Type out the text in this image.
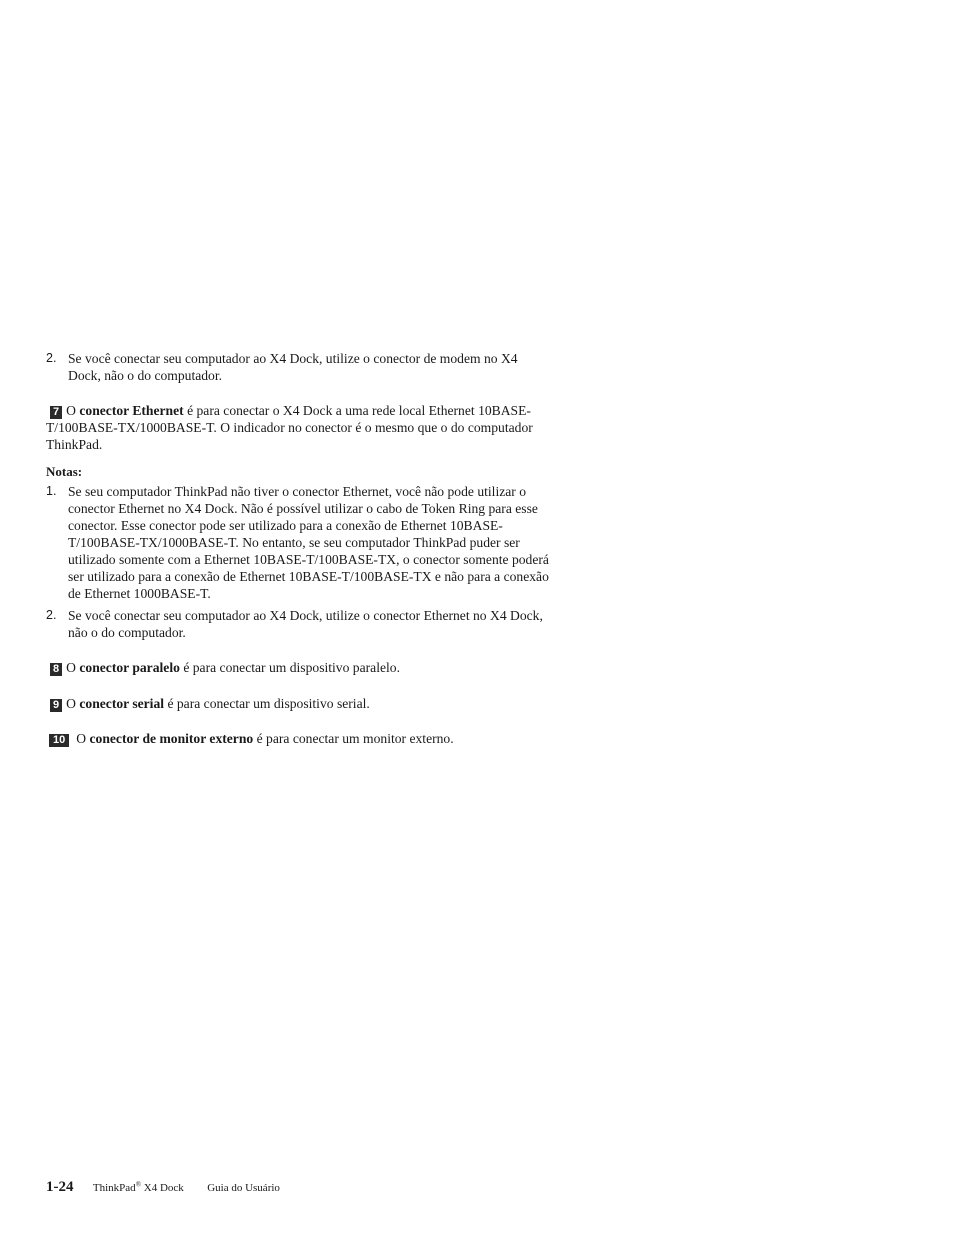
2. Se você conectar seu computador ao X4 Dock, utilize o conector de modem no X4 Dock, não o do computador.

7 O conector Ethernet é para conectar o X4 Dock a uma rede local Ethernet 10BASE-T/100BASE-TX/1000BASE-T. O indicador no conector é o mesmo que o do computador ThinkPad.

Notas:

1. Se seu computador ThinkPad não tiver o conector Ethernet, você não pode utilizar o conector Ethernet no X4 Dock. Não é possível utilizar o cabo de Token Ring para esse conector. Esse conector pode ser utilizado para a conexão de Ethernet 10BASE-T/100BASE-TX/1000BASE-T. No entanto, se seu computador ThinkPad puder ser utilizado somente com a Ethernet 10BASE-T/100BASE-TX, o conector somente poderá ser utilizado para a conexão de Ethernet 10BASE-T/100BASE-TX e não para a conexão de Ethernet 1000BASE-T.
2. Se você conectar seu computador ao X4 Dock, utilize o conector Ethernet no X4 Dock, não o do computador.

8 O conector paralelo é para conectar um dispositivo paralelo.

9 O conector serial é para conectar um dispositivo serial.

10 O conector de monitor externo é para conectar um monitor externo.

1-24 ThinkPad® X4 Dock Guia do Usuário
